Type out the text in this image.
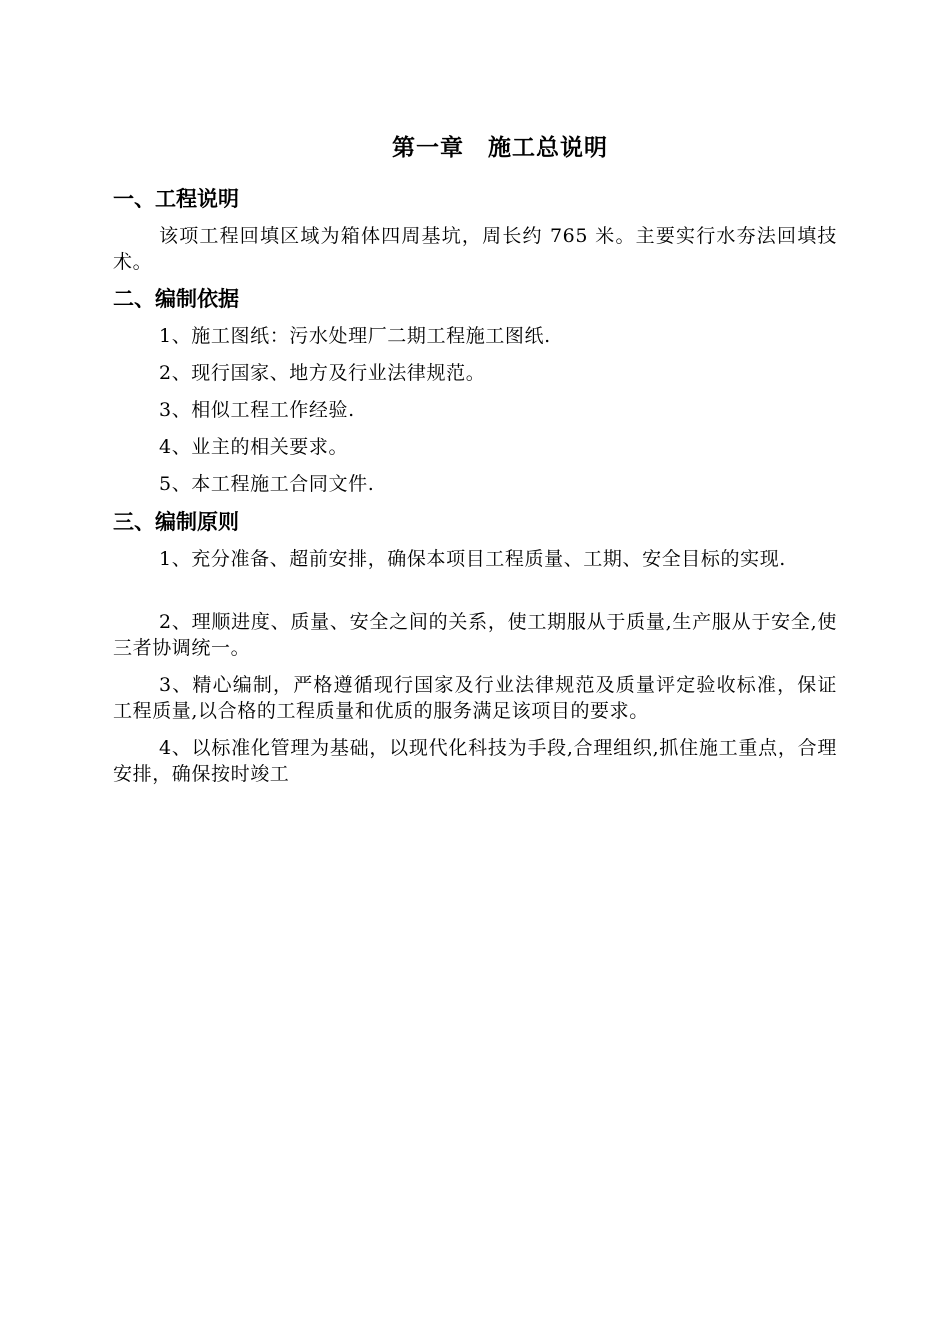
第一章　施工总说明
一、工程说明
该项工程回填区域为箱体四周基坑，周长约 765 米。主要实行水夯法回填技术。
二、编制依据
1、施工图纸：污水处理厂二期工程施工图纸.
2、现行国家、地方及行业法律规范。
3、相似工程工作经验.
4、业主的相关要求。
5、本工程施工合同文件.
三、编制原则
1、充分准备、超前安排，确保本项目工程质量、工期、安全目标的实现.
2、理顺进度、质量、安全之间的关系，使工期服从于质量,生产服从于安全,使三者协调统一。
3、精心编制，严格遵循现行国家及行业法律规范及质量评定验收标准，保证工程质量,以合格的工程质量和优质的服务满足该项目的要求。
4、以标准化管理为基础，以现代化科技为手段,合理组织,抓住施工重点，合理安排，确保按时竣工
